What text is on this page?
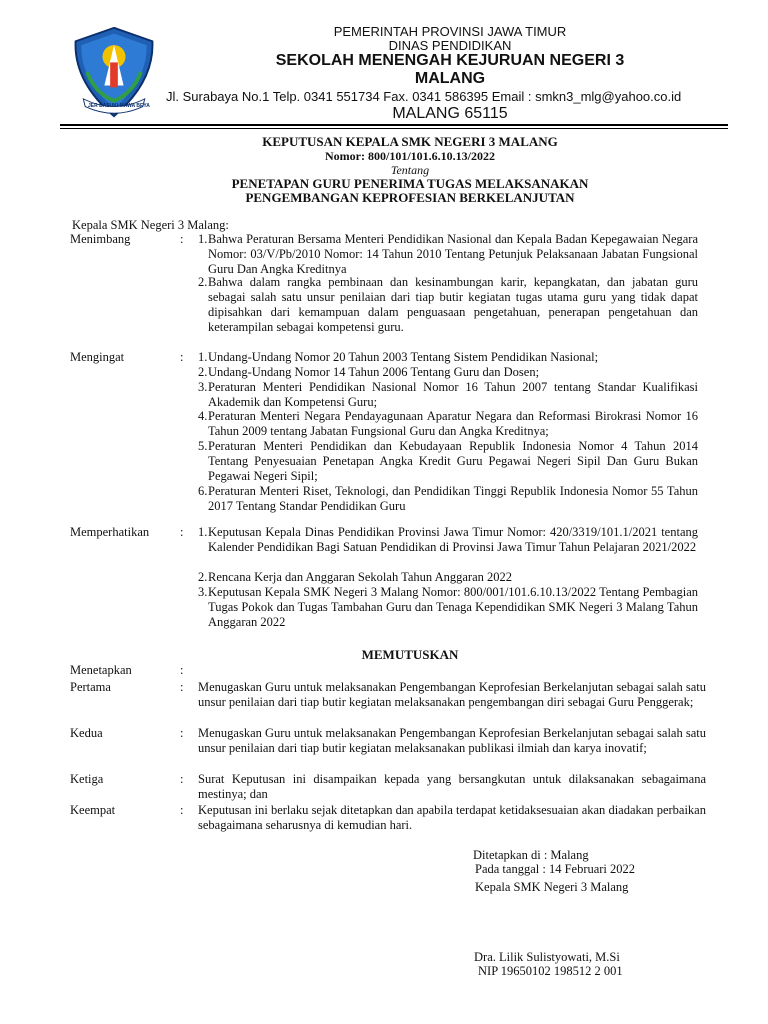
JER BASUKI MAWA BEYA
PEMERINTAH PROVINSI JAWA TIMUR
DINAS PENDIDIKAN
SEKOLAH MENENGAH KEJURUAN NEGERI 3
MALANG
Jl. Surabaya No.1 Telp. 0341 551734 Fax. 0341 586395 Email : smkn3_mlg@yahoo.co.id
MALANG 65115
KEPUTUSAN KEPALA SMK NEGERI 3 MALANG
Nomor: 800/101/101.6.10.13/2022
Tentang
PENETAPAN GURU PENERIMA TUGAS MELAKSANAKAN
PENGEMBANGAN KEPROFESIAN BERKELANJUTAN
Kepala SMK Negeri 3 Malang:
Menimbang	: 1. Bahwa Peraturan Bersama Menteri Pendidikan Nasional dan Kepala Badan Kepegawaian Negara Nomor: 03/V/Pb/2010 Nomor: 14 Tahun 2010 Tentang Petunjuk Pelaksanaan Jabatan Fungsional Guru Dan Angka Kreditnya
2. Bahwa dalam rangka pembinaan dan kesinambungan karir, kepangkatan, dan jabatan guru sebagai salah satu unsur penilaian dari tiap butir kegiatan tugas utama guru yang tidak dapat dipisahkan dari kemampuan dalam penguasaan pengetahuan, penerapan pengetahuan dan keterampilan sebagai kompetensi guru.
Mengingat	: 1. Undang-Undang Nomor 20 Tahun 2003 Tentang Sistem Pendidikan Nasional;
2. Undang-Undang Nomor 14 Tahun 2006 Tentang Guru dan Dosen;
3. Peraturan Menteri Pendidikan Nasional Nomor 16 Tahun 2007 tentang Standar Kualifikasi Akademik dan Kompetensi Guru;
4. Peraturan Menteri Negara Pendayagunaan Aparatur Negara dan Reformasi Birokrasi Nomor 16 Tahun 2009 tentang Jabatan Fungsional Guru dan Angka Kreditnya;
5. Peraturan Menteri Pendidikan dan Kebudayaan Republik Indonesia Nomor 4 Tahun 2014 Tentang Penyesuaian Penetapan Angka Kredit Guru Pegawai Negeri Sipil Dan Guru Bukan Pegawai Negeri Sipil;
6. Peraturan Menteri Riset, Teknologi, dan Pendidikan Tinggi Republik Indonesia Nomor 55 Tahun 2017 Tentang Standar Pendidikan Guru
Memperhatikan : 1. Keputusan Kepala Dinas Pendidikan Provinsi Jawa Timur Nomor: 420/3319/101.1/2021 tentang Kalender Pendidikan Bagi Satuan Pendidikan di Provinsi Jawa Timur Tahun Pelajaran 2021/2022
2. Rencana Kerja dan Anggaran Sekolah Tahun Anggaran 2022
3. Keputusan Kepala SMK Negeri 3 Malang Nomor: 800/001/101.6.10.13/2022 Tentang Pembagian Tugas Pokok dan Tugas Tambahan Guru dan Tenaga Kependidikan SMK Negeri 3 Malang Tahun Anggaran 2022
MEMUTUSKAN
Menetapkan	:
Pertama	: Menugaskan Guru untuk melaksanakan Pengembangan Keprofesian Berkelanjutan sebagai salah satu unsur penilaian dari tiap butir kegiatan melaksanakan pengembangan diri sebagai Guru Penggerak;
Kedua	: Menugaskan Guru untuk melaksanakan Pengembangan Keprofesian Berkelanjutan sebagai salah satu unsur penilaian dari tiap butir kegiatan melaksanakan publikasi ilmiah dan karya inovatif;
Ketiga	: Surat Keputusan ini disampaikan kepada yang bersangkutan untuk dilaksanakan sebagaimana mestinya; dan
Keempat	: Keputusan ini berlaku sejak ditetapkan dan apabila terdapat ketidaksesuaian akan diadakan perbaikan sebagaimana seharusnya di kemudian hari.
Ditetapkan di : Malang
Pada tanggal : 14 Februari 2022
Kepala SMK Negeri 3 Malang
Dra. Lilik Sulistyowati, M.Si
NIP 19650102 198512 2 001
